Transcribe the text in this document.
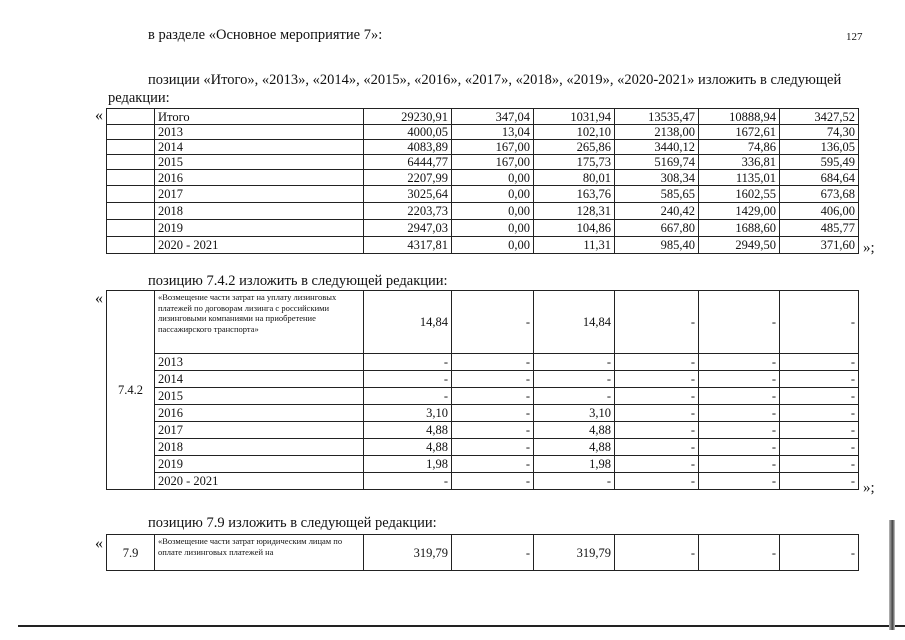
127
в разделе «Основное мероприятие 7»:
позиции «Итого», «2013», «2014», «2015», «2016», «2017», «2018», «2019», «2020-2021» изложить в следующей
редакции:
«
		Итого	29230,91	347,04	1031,94	13535,47	10888,94	3427,52
	2013	4000,05	13,04	102,10	2138,00	1672,61	74,30
	2014	4083,89	167,00	265,86	3440,12	74,86	136,05
	2015	6444,77	167,00	175,73	5169,74	336,81	595,49
	2016	2207,99	0,00	80,01	308,34	1135,01	684,64
	2017	3025,64	0,00	163,76	585,65	1602,55	673,68
	2018	2203,73	0,00	128,31	240,42	1429,00	406,00
	2019	2947,03	0,00	104,86	667,80	1688,60	485,77
	2020 - 2021	4317,81	0,00	11,31	985,40	2949,50	371,60 »;
позицию 7.4.2 изложить в следующей редакции:
«
7.4.2	«Возмещение части затрат на уплату лизинговых платежей по договорам лизинга с российскими лизинговыми компаниями на приобретение пассажирского транспорта»	14,84	-	14,84	-	-	-
	2013	-	-	-	-	-	-
	2014	-	-	-	-	-	-
	2015	-	-	-	-	-	-
	2016	3,10	-	3,10	-	-	-
	2017	4,88	-	4,88	-	-	-
	2018	4,88	-	4,88	-	-	-
	2019	1,98	-	1,98	-	-	-
	2020 - 2021	-	-	-	-	-	- »;
позицию 7.9 изложить в следующей редакции:
«
7.9	«Возмещение части затрат юридическим лицам по оплате лизинговых платежей на	319,79	-	319,79	-	-	-
